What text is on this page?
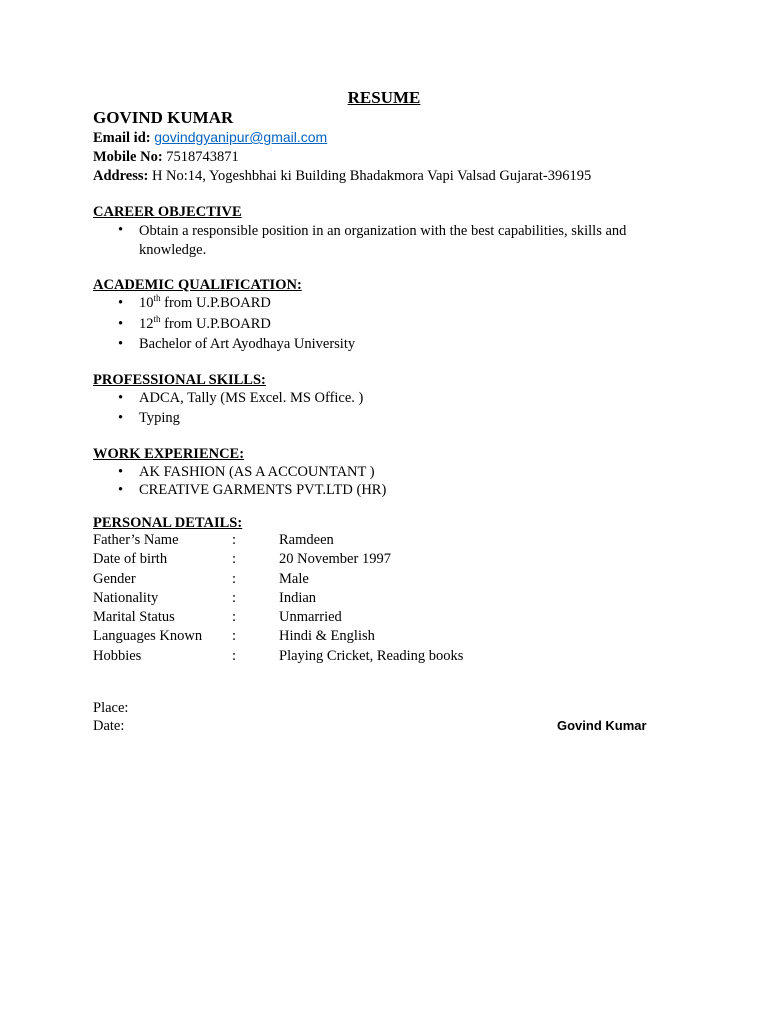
RESUME
GOVIND KUMAR
Email id: govindgyanipur@gmail.com
Mobile No: 7518743871
Address: H No:14, Yogeshbhai ki Building Bhadakmora Vapi Valsad Gujarat-396195
CAREER OBJECTIVE
• Obtain a responsible position in an organization with the best capabilities, skills and knowledge.
ACADEMIC QUALIFICATION:
• 10th from U.P.BOARD
• 12th from U.P.BOARD
• Bachelor of Art Ayodhaya University
PROFESSIONAL SKILLS:
• ADCA, Tally (MS Excel. MS Office. )
• Typing
WORK EXPERIENCE:
• AK FASHION (AS A ACCOUNTANT )
• CREATIVE GARMENTS PVT.LTD (HR)
PERSONAL DETAILS:
Father’s Name	:	Ramdeen
Date of birth	:	20 November 1997
Gender	:	Male
Nationality	:	Indian
Marital Status	:	Unmarried
Languages Known :	Hindi & English
Hobbies	:	Playing Cricket, Reading books
Place:
Date:	Govind Kumar
